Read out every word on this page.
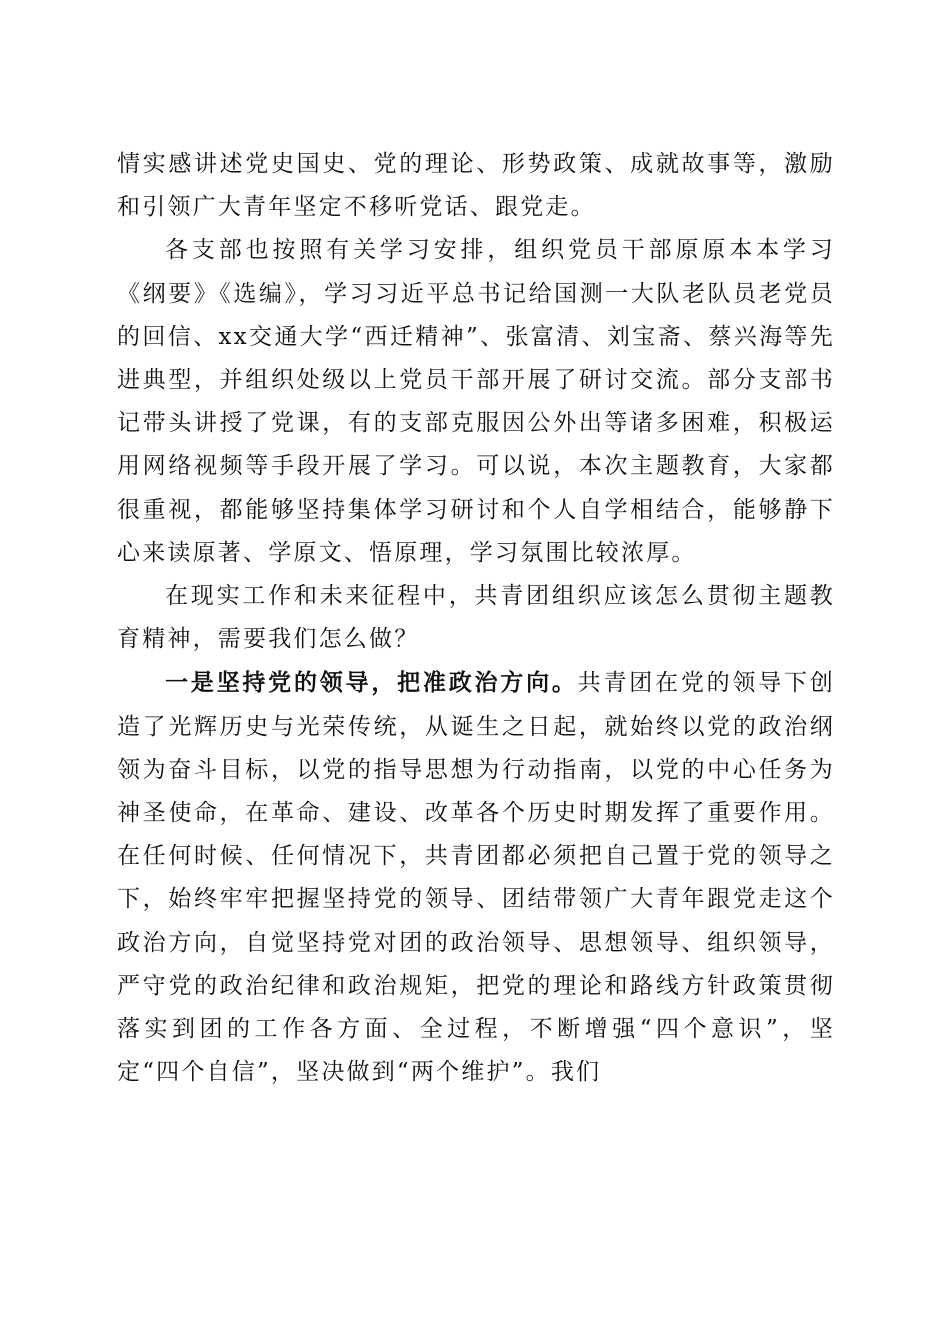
情实感讲述党史国史、党的理论、形势政策、成就故事等，激励和引领广大青年坚定不移听党话、跟党走。

各支部也按照有关学习安排，组织党员干部原原本本学习《纲要》《选编》，学习习近平总书记给国测一大队老队员老党员的回信、xx交通大学“西迁精神”、张富清、刘宝斋、蔡兴海等先进典型，并组织处级以上党员干部开展了研讨交流。部分支部书记带头讲授了党课，有的支部克服因公外出等诸多困难，积极运用网络视频等手段开展了学习。可以说，本次主题教育，大家都很重视，都能够坚持集体学习研讨和个人自学相结合，能够静下心来读原著、学原文、悟原理，学习氛围比较浓厚。

在现实工作和未来征程中，共青团组织应该怎么贯彻主题教育精神，需要我们怎么做？

一是坚持党的领导，把准政治方向。共青团在党的领导下创造了光辉历史与光荣传统，从诞生之日起，就始终以党的政治纲领为奋斗目标，以党的指导思想为行动指南，以党的中心任务为神圣使命，在革命、建设、改革各个历史时期发挥了重要作用。在任何时候、任何情况下，共青团都必须把自己置于党的领导之下，始终牢牢把握坚持党的领导、团结带领广大青年跟党走这个政治方向，自觉坚持党对团的政治领导、思想领导、组织领导，严守党的政治纪律和政治规矩，把党的理论和路线方针政策贯彻落实到团的工作各方面、全过程，不断增强“四个意识”，坚定“四个自信”，坚决做到“两个维护”。我们
